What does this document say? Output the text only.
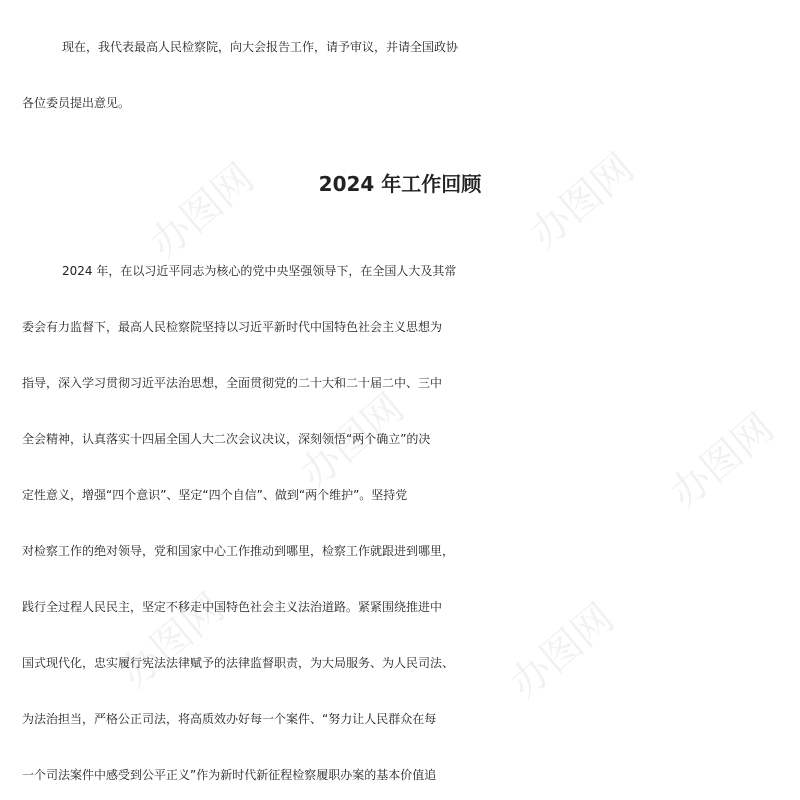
办图网	办图网
办图网	办图网
办图网	办图网
现在，我代表最高人民检察院，向大会报告工作，请予审议，并请全国政协
各位委员提出意见。
2024 年工作回顾
2024 年，在以习近平同志为核心的党中央坚强领导下，在全国人大及其常
委会有力监督下，最高人民检察院坚持以习近平新时代中国特色社会主义思想为
指导，深入学习贯彻习近平法治思想，全面贯彻党的二十大和二十届二中、三中
全会精神，认真落实十四届全国人大二次会议决议，深刻领悟“两个确立”的决
定性意义，增强“四个意识”、坚定“四个自信”、做到“两个维护”。坚持党
对检察工作的绝对领导，党和国家中心工作推动到哪里，检察工作就跟进到哪里，
践行全过程人民民主，坚定不移走中国特色社会主义法治道路。紧紧围绕推进中
国式现代化，忠实履行宪法法律赋予的法律监督职责，为大局服务、为人民司法、
为法治担当，严格公正司法，将高质效办好每一个案件、“努力让人民群众在每
一个司法案件中感受到公平正义”作为新时代新征程检察履职办案的基本价值追
